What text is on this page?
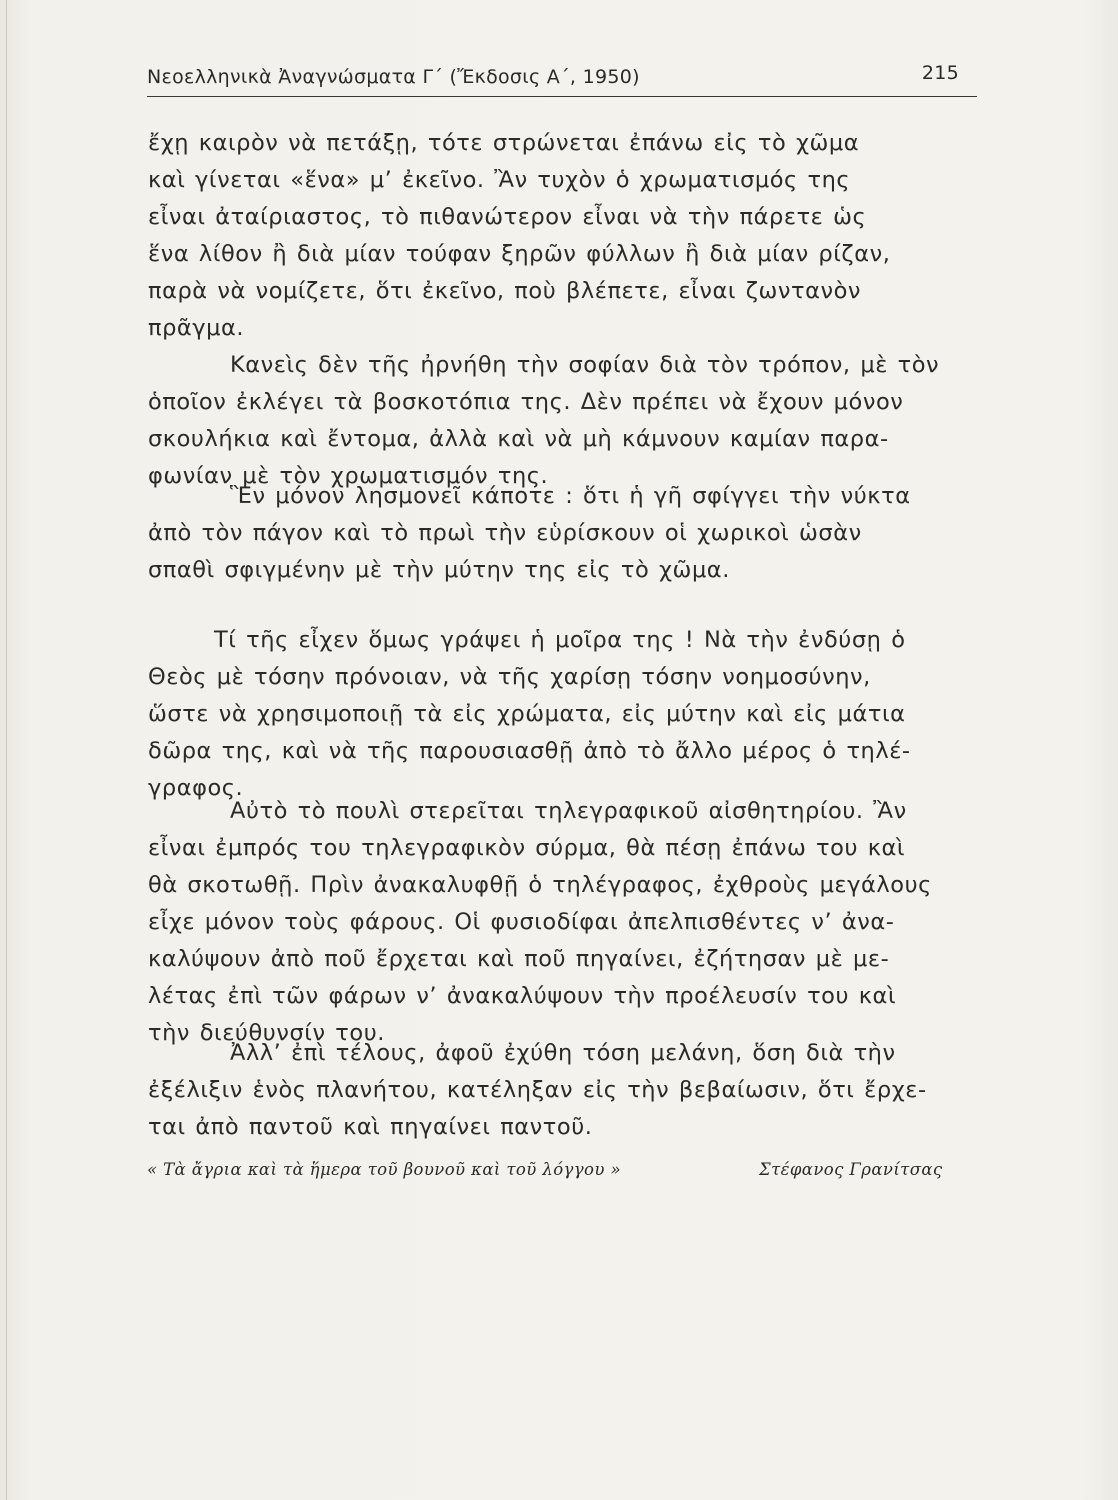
Νεοελληνικὰ Ἀναγνώσματα Γ΄ (Ἔκδοσις Α΄, 1950)	215
ἔχῃ καιρὸν νὰ πετάξῃ, τότε στρώνεται ἐπάνω εἰς τὸ χῶμα
καὶ γίνεται «ἕνα» μ’ ἐκεῖνο. Ἂν τυχὸν ὁ χρωματισμός της
εἶναι ἀταίριαστος, τὸ πιθανώτερον εἶναι νὰ τὴν πάρετε ὡς
ἕνα λίθον ἢ διὰ μίαν τούφαν ξηρῶν φύλλων ἢ διὰ μίαν ρίζαν,
παρὰ νὰ νομίζετε, ὅτι ἐκεῖνο, ποὺ βλέπετε, εἶναι ζωντανὸν
πρᾶγμα.
Κανεὶς δὲν τῆς ἠρνήθη τὴν σοφίαν διὰ τὸν τρόπον, μὲ τὸν
ὁποῖον ἐκλέγει τὰ βοσκοτόπια της. Δὲν πρέπει νὰ ἔχουν μόνον
σκουλήκια καὶ ἔντομα, ἀλλὰ καὶ νὰ μὴ κάμνουν καμίαν παρα-
φωνίαν μὲ τὸν χρωματισμόν της.
Ἓν μόνον λησμονεῖ κάποτε : ὅτι ἡ γῆ σφίγγει τὴν νύκτα
ἀπὸ τὸν πάγον καὶ τὸ πρωὶ τὴν εὑρίσκουν οἱ χωρικοὶ ὡσὰν
σπαθὶ σφιγμένην μὲ τὴν μύτην της εἰς τὸ χῶμα.
Τί τῆς εἶχεν ὅμως γράψει ἡ μοῖρα της ! Νὰ τὴν ἐνδύσῃ ὁ
Θεὸς μὲ τόσην πρόνοιαν, νὰ τῆς χαρίσῃ τόσην νοημοσύνην,
ὥστε νὰ χρησιμοποιῇ τὰ εἰς χρώματα, εἰς μύτην καὶ εἰς μάτια
δῶρα της, καὶ νὰ τῆς παρουσιασθῇ ἀπὸ τὸ ἄλλο μέρος ὁ τηλέ-
γραφος.
Αὐτὸ τὸ πουλὶ στερεῖται τηλεγραφικοῦ αἰσθητηρίου. Ἂν
εἶναι ἐμπρός του τηλεγραφικὸν σύρμα, θὰ πέσῃ ἐπάνω του καὶ
θὰ σκοτωθῇ. Πρὶν ἀνακαλυφθῇ ὁ τηλέγραφος, ἐχθροὺς μεγάλους
εἶχε μόνον τοὺς φάρους. Οἱ φυσιοδίφαι ἀπελπισθέντες ν’ ἀνα-
καλύψουν ἀπὸ ποῦ ἔρχεται καὶ ποῦ πηγαίνει, ἐζήτησαν μὲ με-
λέτας ἐπὶ τῶν φάρων ν’ ἀνακαλύψουν τὴν προέλευσίν του καὶ
τὴν διεύθυνσίν του.
Ἀλλ’ ἐπὶ τέλους, ἀφοῦ ἐχύθη τόση μελάνη, ὅση διὰ τὴν
ἐξέλιξιν ἑνὸς πλανήτου, κατέληξαν εἰς τὴν βεβαίωσιν, ὅτι ἔρχε-
ται ἀπὸ παντοῦ καὶ πηγαίνει παντοῦ.
« Τὰ ἄγρια καὶ τὰ ἥμερα τοῦ βουνοῦ καὶ τοῦ λόγγου »	Στέφανος Γρανίτσας
